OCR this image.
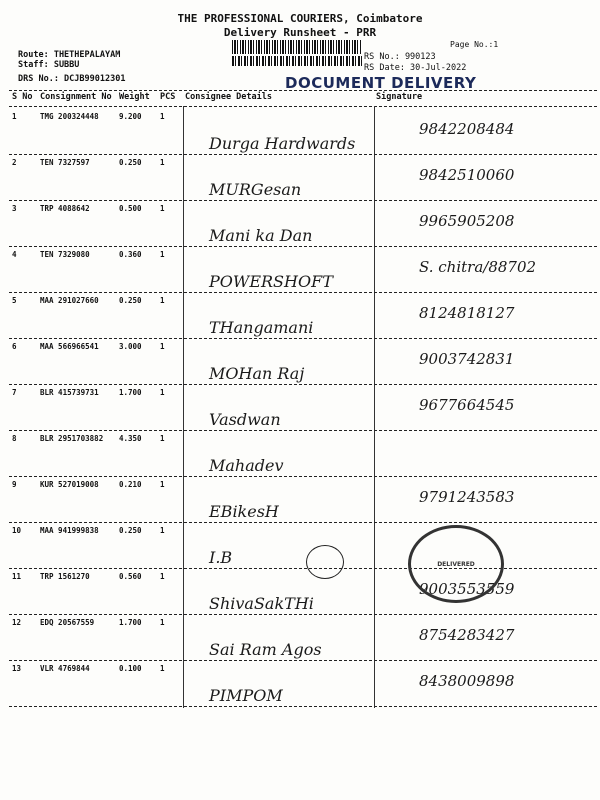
THE PROFESSIONAL COURIERS, Coimbatore
Delivery Runsheet - PRR
Page No.:1
Route: THETHEPALAYAM
Staff: SUBBU
DRS No.: DCJB99012301
RS No.: 990123
RS Date: 30-Jul-2022
DOCUMENT DELIVERY
S No Consignment No Weight PCS Consignee Details	Signature
1	TMG 200324448	9.200 1
Durga Hardwards
9842208484
2	TEN 7327597	0.250 1
MURGesan
9842510060
3	TRP 4088642	0.500 1
Mani ka Dan
9965905208
4	TEN 7329080	0.360 1
POWERSHOFT
S. chitra/88702
5	MAA 291027660	0.250 1
THangamani
8124818127
6	MAA 566966541	3.000 1
MOHan Raj
9003742831
7	BLR 415739731	1.700 1
Vasdwan
9677664545
8	BLR 2951703882 4.350 1
Mahadev
9	KUR 527019008	0.210 1
EBikesH
9791243583
10	MAA 941999838	0.250 1
I.B
11	TRP 1561270	0.560 1
ShivaSakTHi
9003553559
12	EDQ 20567559	1.700 1
Sai Ram Agos
8754283427
13	VLR 4769844	0.100 1
PIMPOM
8438009898
DELIVERED
